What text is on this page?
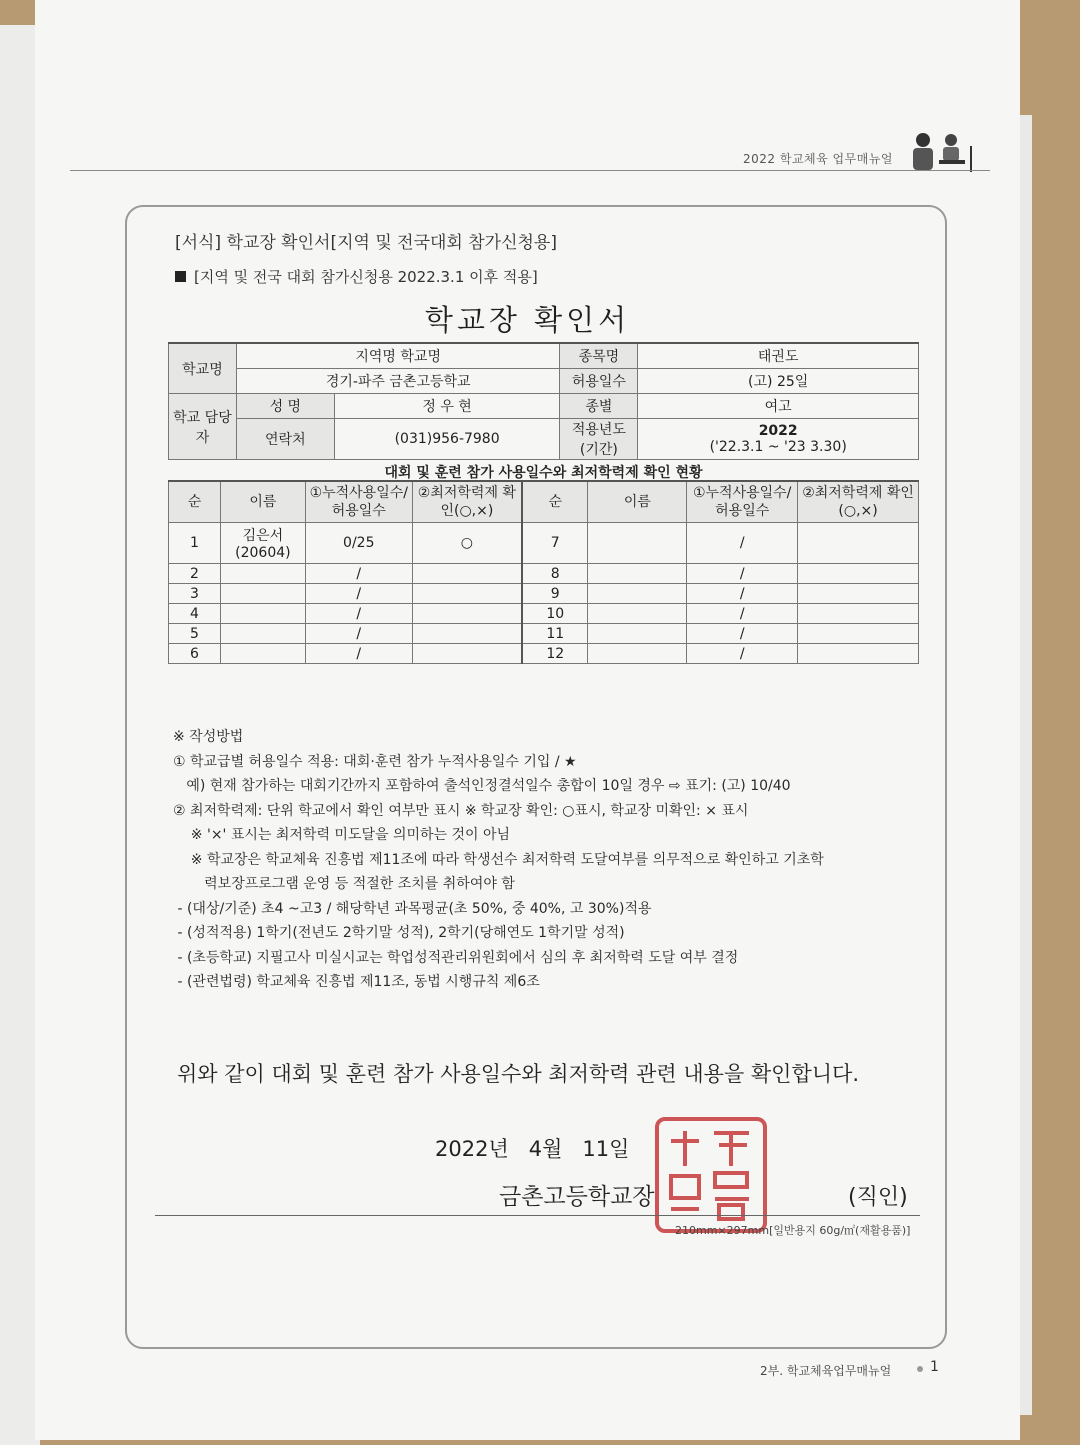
2022 학교체육 업무매뉴얼
[서식] 학교장 확인서[지역 및 전국대회 참가신청용]
[지역 및 전국 대회 참가신청용 2022.3.1 이후 적용]
학교장 확인서
학교명	지역명 학교명		종목명	태권도
	경기-파주 금촌고등학교		허용일수	(고) 25일
학교 담당자	성 명	정 우 현	종별	여고
	연락처	(031)956-7980	적용년도 (기간)	2022
('22.3.1 ~ '23 3.30)
대회 및 훈련 참가 사용일수와 최저학력제 확인 현황
순	이름	①누적사용일수/ 허용일수	②최저학력제 확인(○,×)	순	이름	①누적사용일수/ 허용일수	②최저학력제 확인(○,×)
1	김은서 (20604)	0/25	○	7		/	
2		/		8		/	
3		/		9		/	
4		/		10		/	
5		/		11		/	
6		/		12		/	
※ 작성방법
① 학교급별 허용일수 적용: 대회·훈련 참가 누적사용일수 기입 / ★
예) 현재 참가하는 대회기간까지 포함하여 출석인정결석일수 총합이 10일 경우 ⇨ 표기: (고) 10/40
② 최저학력제: 단위 학교에서 확인 여부만 표시 ※ 학교장 확인: ○표시, 학교장 미확인: × 표시
※ '×' 표시는 최저학력 미도달을 의미하는 것이 아님
※ 학교장은 학교체육 진흥법 제11조에 따라 학생선수 최저학력 도달여부를 의무적으로 확인하고 기초학
력보장프로그램 운영 등 적절한 조치를 취하여야 함
- (대상/기준) 초4 ~고3 / 해당학년 과목평균(초 50%, 중 40%, 고 30%)적용
- (성적적용) 1학기(전년도 2학기말 성적), 2학기(당해연도 1학기말 성적)
- (초등학교) 지필고사 미실시교는 학업성적관리위원회에서 심의 후 최저학력 도달 여부 결정
- (관련법령) 학교체육 진흥법 제11조, 동법 시행규칙 제6조
위와 같이 대회 및 훈련 참가 사용일수와 최저학력 관련 내용을 확인합니다.
2022년   4월   11일
금촌고등학교장	(직인)
210mm×297mm[일반용지 60g/㎡(재활용품)]
2부. 학교체육업무매뉴얼	1
